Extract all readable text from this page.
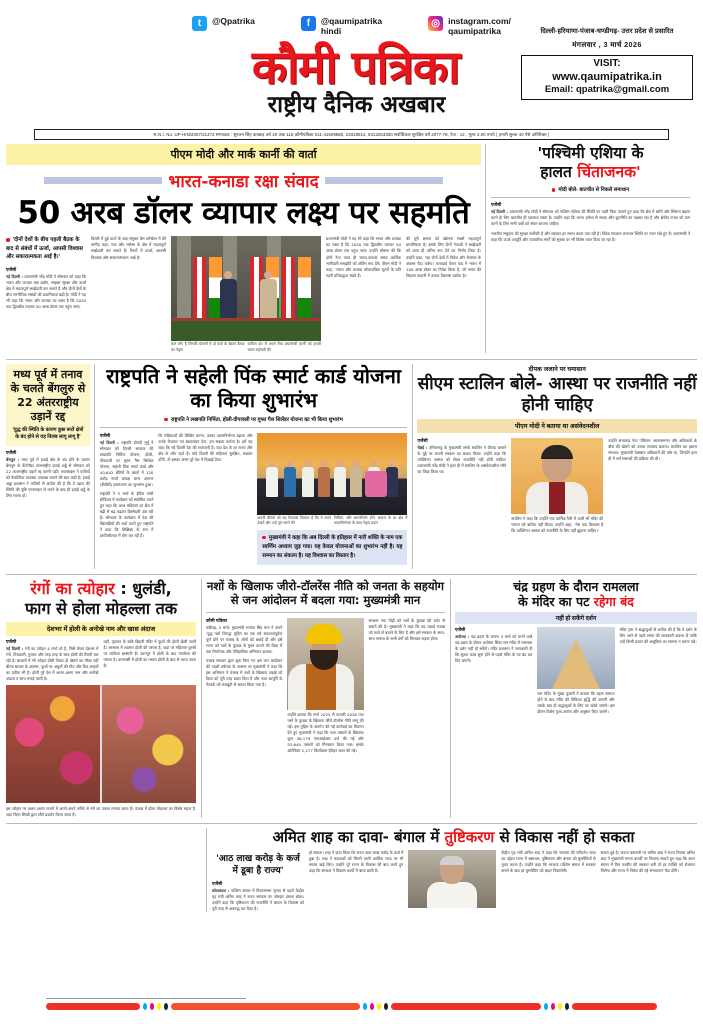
t	@Qpatrika	f	@qaumipatrika
hindi
◎ instagram.com/
qaumipatrika
कौमी पत्रिका
राष्ट्रीय दैनिक अखबार
दिल्ली-हरियाणा-पंजाब-चण्डीगढ़- उत्तर प्रदेश से प्रसारित
मंगलवार , 3 मार्च 2026
VISIT:
www.qaumipatrika.in
Email: qpatrika@gmail.com
R.N.I. No. UP-HIN/2007/21472 सम्पादक : सुरजन सिंह कक्कड़ वर्ष 19 अंक 118 क़ौमीपत्रिका 011-41509680, 23318814, 9313263300 सर्वाधिकार सुरक्षित वर्ष 2077-78, पेज : 12 : मूल्य 3.00 रुपये ( हमारी सुल्क 40 पैसे अतिरिक्त )
पीएम मोदी और मार्क कार्नी की वार्ता
भारत-कनाडा रक्षा संवाद
50 अरब डॉलर व्यापार लक्ष्य पर सहमति
'दोनों देशों के बीच पहली बैठक के बाद से संबंधों में ऊर्जा, आपसी विश्वास और सकारात्मकता आई है।'
एजेंसी
नई दिल्ली : प्रधानमंत्री नरेंद्र मोदी ने सोमवार को कहा कि भारत और कनाडा रक्षा उद्योग, साइबर सुरक्षा और ऊर्जा क्षेत्र में महत्वपूर्ण साझेदारी कर सकते हैं और दोनों देशों के बीच रणनीतिक संबंधों की प्राथमिकता बढ़ी है। मोदी ने यह भी कहा कि भारत और कनाडा का लक्ष्य है कि 2030 तक द्विपक्षीय व्यापार 50 अरब डॉलर तक पहुंच जाए।
दिल्ली में हुई वार्ता के बाद संयुक्त प्रेस कॉन्फ्रेंस में की उम्मीद कहा, नया और भरोसा के क्षेत्र में महत्वपूर्ण साझेदारी कर सकते हैं। रिश्तों में ऊर्जा, आपसी विश्वास और सकारात्मकता आई है।
कल लोग हैं जिनकी योजनों में दो देशों के बेहतर बैठक का नेतृत्व
शामिल हो। मैं अपने मित्र प्रधानमंत्री कार्नी को हमारी भारत महोदयी की
प्रधानमंत्री मोदी ने यह भी कहा कि भारत और कनाडा का लक्ष्य है कि 2030 तक द्विपक्षीय व्यापार 50 अरब डॉलर तक पहुंच जाए। उन्होंने घोषणा की कि दोनों नेता जल्द ही भारत-कनाडा समग्र आर्थिक भागीदारी समझौते को अंतिम रूप देंगे। पीएम मोदी ने कहा, 'भारत और कनाडा लोकतांत्रिक मूल्यों के प्रति गहरी प्रतिबद्धता रखते हैं।
की पूरी क्षमता को खोलना सबसे महत्वपूर्ण प्राथमिकता है। इसके लिए दोनों नेताओं ने साझेदारी को जल्द ही अंतिम रूप देने का निर्णय लिया है। उन्होंने कहा, 'यह दोनों देशों में निवेश और रोजगार के अवसर पैदा करेगा। कनाडाई पेंशन फंड ने भारत में 100 अरब डॉलर का निवेश किया है, जो भारत की विकास कहानी में उनका विश्वास दर्शाता है।'
'पश्चिमी एशिया के
हालत चिंताजनक'
मोदी बोले- बातचीत से निकले समाधान
एजेंसी
नई दिल्ली : प्रधानमंत्री नरेंद्र मोदी ने सोमवार को पश्चिम एशिया की स्थिति पर गहरी चिंता जताते हुए कहा कि क्षेत्र में शांति और स्थिरता बहाल करने के लिए बातचीत ही एकमात्र रास्ता है। उन्होंने कहा कि भारत हमेशा से संवाद और कूटनीति का पक्षधर रहा है और क्षेत्रीय तनाव को कम करने के लिए सभी पक्षों को संयम बरतना चाहिए।
भारतीय समुदाय की सुरक्षा सर्वोपरि है और सरकार हर संभव कदम उठा रही है। विदेश मंत्रालय लगातार स्थिति पर नजर रखे हुए है। प्रधानमंत्री ने कहा कि ऊर्जा आपूर्ति और व्यापारिक मार्गों की सुरक्षा पर भी विशेष ध्यान दिया जा रहा है।
मध्य पूर्व में तनाव के चलते बेंगलुरु से 22 अंतरराष्ट्रीय उड़ानें रद्द
'युद्ध की स्थिति के कारण कुछ रूटों क्षेत्रों के बंद होने से यह विलंब लागू लागू है'
एजेंसी
बेंगलुरु : मध्य पूर्व में हवाई क्षेत्र के बंद होने के कारण बेंगलुरु के केंपेगौड़ा अंतरराष्ट्रीय हवाई अड्डे से सोमवार को 22 अंतरराष्ट्रीय उड़ानें रद्द करनी पड़ीं। एयरलाइंस ने यात्रियों को वैकल्पिक व्यवस्था उपलब्ध कराने की बात कही है। हवाई अड्डा प्रशासन ने यात्रियों से अपील की है कि वे उड़ान की स्थिति की पुष्टि एयरलाइन से करने के बाद ही हवाई अड्डे के लिए रवाना हों।
राष्ट्रपति ने सहेली पिंक स्मार्ट कार्ड योजना का किया शुभारंभ
राष्ट्रपति ने लखपति निर्मिता, होली-दीपावली पर मुफ्त गैस सिलेंडर योजना का भी किया शुभारंभ
एजेंसी
नई दिल्ली : राष्ट्रपति द्रौपदी मुर्मू ने सोमवार को दिल्ली सरकार की लखपति निर्मिता योजना, होली-दीपावली पर मुफ्त गैस सिलेंडर योजना, सहेली पिंक स्मार्ट कार्ड और 40,642 बेटियों के खातों में 120 करोड़ रुपये प्रत्यक्ष लाभ अंतरण (डीबीटी) हस्तांतरण का शुभारंभ हुआ।
राष्ट्रपति ने 3 मार्च के इंदिरा गांधी स्टेडियम में कार्यक्रम को संबोधित करते हुए कहा कि आज महिलाएं हर क्षेत्र में बढ़ी से बढ़ चढ़कर हिस्सेदारी उठा रही हैं। सोमवार के कार्यक्रम में देश की खिलाड़ियों की चर्चा करते हुए राष्ट्रपति ने कहा कि शिक्षिक्षा के रूप में प्रगतिशीलता में योग कर रही हैं।
कि महिलाओं की शिक्षित करना, उनका आत्मनिर्भरता बढ़ाना और उनके रोजगार एवं स्वावलंबन देना, हम सबका कर्तव्य है। हमें यह कहा कि नई दिल्ली देश की राजधानी है। यहां देश के हर राज्य और क्षेत्र के लोग रहते हैं। यदि दिल्ली की महिलाएं सुरक्षित, सशक्त होंगी, तो इसका असर पूरे देश में दिखाई देगा।
अपनी बेटियों को यह विश्वास दिलाता है कि वे सपने देखने और उन्हें पूरा करने की
निर्मिता, और आत्मनिर्भर होंगे, समाज के हर क्षेत्र में आत्मनिर्भरता के साथ नेतृत्व प्रदान
मुख्यमंत्री ने कहा कि अब दिल्ली के इतिहास में नारी शक्ति के नाम एक स्वर्णिम अध्याय जुड़ गया। यह केवल योजनाओं का शुभारंभ नहीं है। यह सम्मान का संकल्प है। यह विश्वास का विस्तार है।
दीपक जलाने पर घमासान
सीएम स्टालिन बोले- आस्था पर राजनीति नहीं होनी चाहिए
पीएम मोदी ने बताया था असंवेदनशील
एजेंसी
चेन्नई : तमिलनाडु के मुख्यमंत्री एमके स्टालिन ने दीपक जलाने के मुद्दे पर अपनी सरकार का बचाव किया। उन्होंने कहा कि व्यक्तिगत आस्था को लेकर राजनीति नहीं होनी चाहिए। प्रधानमंत्री नरेंद्र मोदी ने हाल ही में स्टालिन के असंवेदनशील रवैये का जिक्र किया था।
स्टालिन ने कहा कि उन्होंने एक धार्मिक रैली में कभी भी मंदिर की परंपरा को बाधित नहीं किया। उन्होंने कहा, 'मेरा एक विश्वास है कि व्यक्तिगत आस्था को राजनीति के लिए नहीं झुकना चाहिए।'
उन्होंने सत्तारूढ़ नेता 'पेरियार' आत्मसम्मान और अधिकारों के बीच की खेलने को उनका मकसद बताया। स्टालिन का इशारा संभवत: मुख्यमंत्री पेन्नम्बाय अधिकारों की ओर था, जिन्होंने हाल ही में धर्म सभाओं की प्रक्रिया की थी।
रंगों का त्योहार : धुलंडी,
फाग से होला मोहल्ला तक
देशभर में होली के अनोखे नाम और खास अंदाज
एजेंसी
नई दिल्ली : रंगों का त्योहार 4 मार्च को है, जिसे लेकर देशभर में रंगों, पिचकारी, गुलाल और तरह-तरह के साथ होली की तैयारी चल रही है। बाजारों में भी त्योहार होली निकट हो खेलने का मौका नहीं बीत्या बाजार के अवसर, फूलों पर अंकुरों की गीत और ठिठ-भाइयों का प्रतीक भी है। होली पूरे देश में अलग-अलग नाम और अनोखे अंदाज व साथ मनाई जाती है।
वहीं, वृंदावन के बांके बिहारी मंदिर में फूलों की होली खेली जाती है। बरसाना में लठमार होली की परंपरा है, जहां पर महिलाएं पुरुषों पर लाठियां बरसाती हैं। कानपुर में होली के बाद गंगामेला की परंपरा है। वाराणसी में होली का मध्यम होली के बाद से जाना जाता है।
इस त्योहार पर अलग-अलग राज्यों में अपने-अपने तरीके से रंगों का उत्सव मनाया जाता है। पंजाब में होला मोहल्ला का विशेष महत्व है, जहां निहंग सिखों द्वारा शौर्य प्रदर्शन किया जाता है।
नशों के खिलाफ जीरो-टॉलरेंस नीति को जनता के सहयोग से जन आंदोलन में बदला गया: मुख्यमंत्री मान
कौमी पत्रिका
चंडीगढ़, 2 मार्च: मुख्यमंत्री भगवंत सिंह मान ने अपने 'युद्ध नशों विरुद्ध' मुहिम का एक वर्ष सफलतापूर्वक पूर्ण होने पर पंजाब के लोगों को बधाई दी और इसे राज्य को नशों के कुचक्र से मुक्त कराने की दिशा में एक निर्णायक और ऐतिहासिक अभियान बताया।
पंजाब सरकार द्वारा शुरू किए गए इस जन आंदोलन की पहली वर्षगांठ के अवसर पर मुख्यमंत्री ने कहा कि इस अभियान ने पंजाब में नशों के खिलाफ लड़ाई को दिशा को पूरी तरह बदल दिया है और नशा आपूर्ति के नेटवर्क को मजबूती से सफल किया गया है।
उन्होंने बताया कि मार्च 2025 से फरवरी 2026 तक नशों के कुचक्र के खिलाफ जीरो-टॉलरेंस नीति लागू की गई। इस मुहिम के अंतर्गत की गई कार्रवाई का विवरण देते हुए मुख्यमंत्री ने कहा कि नशा तस्करों के खिलाफ कुल 36,179 एफआईआर दर्ज की गई और 53,640 तस्करों को गिरफ्तार किया गया। इसके अतिरिक्त 2,277 किलोग्राम हेरोइन जब्त की गई।
सरकार नया पीढ़ी को नशों के कुचक्र की चपेट से बचाने की है। मुख्यमंत्री ने कहा कि यह लड़ाई पंजाब को नशों से बचाने के लिए है और इसे सरकार के साथ-साथ समाज के सभी वर्गों को मिलकर लड़ना होगा।
चंद्र ग्रहण के दौरान रामलला
के मंदिर का पट रहेगा बंद
नहीं हो सकेंगे दर्शन
एजेंसी
अयोध्या : चंद्र ग्रहण के कारण 3 मार्च को लगने वाले चंद्र ग्रहण के दौरान अयोध्या स्थित राम मंदिर में रामलला के दर्शन नहीं हो सकेंगे। मंदिर प्रशासन ने जानकारी दी कि सूतक काल शुरू होने से पहले मंदिर के पट बंद कर दिए जाएंगे।
राम मंदिर के मुख्य पुजारी ने बताया कि ग्रहण समाप्त होने के बाद मंदिर की विधिवत शुद्धि की जाएगी और उसके बाद ही श्रद्धालुओं के लिए पट खोले जाएंगे। इस दौरान विशेष पूजा-अर्चना और अनुष्ठान किए जाएंगे।
मंदिर ट्रस्ट ने श्रद्धालुओं से अपील की है कि वे दर्शन के लिए आने से पहले समय की जानकारी अवश्य लें ताकि उन्हें किसी प्रकार की असुविधा का सामना न करना पड़े।
अमित शाह का दावा- बंगाल में तुष्टिकरण से विकास नहीं हो सकता
'आठ लाख करोड़ के कर्ज
में डूबा है राज्य'
एजेंसी
कोलकाता : पश्चिम बंगाल में विधानसभा चुनाव से पहले केंद्रीय गृह मंत्री अमित शाह ने राज्य सरकार पर जोरदार हमला बोला। उन्होंने कहा कि तृष्टिकरण की राजनीति ने बंगाल के विकास को पूरी तरह से अवरुद्ध कर दिया है।
हो सकता। शाह ने दावा किया कि राज्य आठ लाख करोड़ के कर्ज में डूबा है। शाह ने मदवाओं को मिलने वाली आर्थिक मदद पर भी सवाल खड़े किए। उन्होंने पूरे राज्य के विकास की बात करते हुए कहा कि सरकार ने विकास कार्यों में बाधा डाली है।
केंद्रीय गृह मंत्री अमित शाह ने कहा कि भाजपा की परिवर्तन यात्रा का उद्देश्य राज्य में भ्रष्टाचार, तुष्टिकरण और बंगाल को घुसपैठियों से मुक्त करना है। उन्होंने कहा कि भाजपा पश्चिम बंगाल में सरकार बनाने के बाद हर घुसपैठिए को बाहर निकालेगी।
सफल हुई है। जनता कसमती पर अमित शाह ने राज्य निवास अमित शाह ने मुख्यमंत्री ममता बनर्जी पर निशाना साधते हुए कहा कि अगर बंगाल में फिर एनडीए की सरकार बनी तो हर व्यक्ति को रोजगार मिलेगा और राज्य में निवेश की नई संभावनाएं पैदा होंगी।
